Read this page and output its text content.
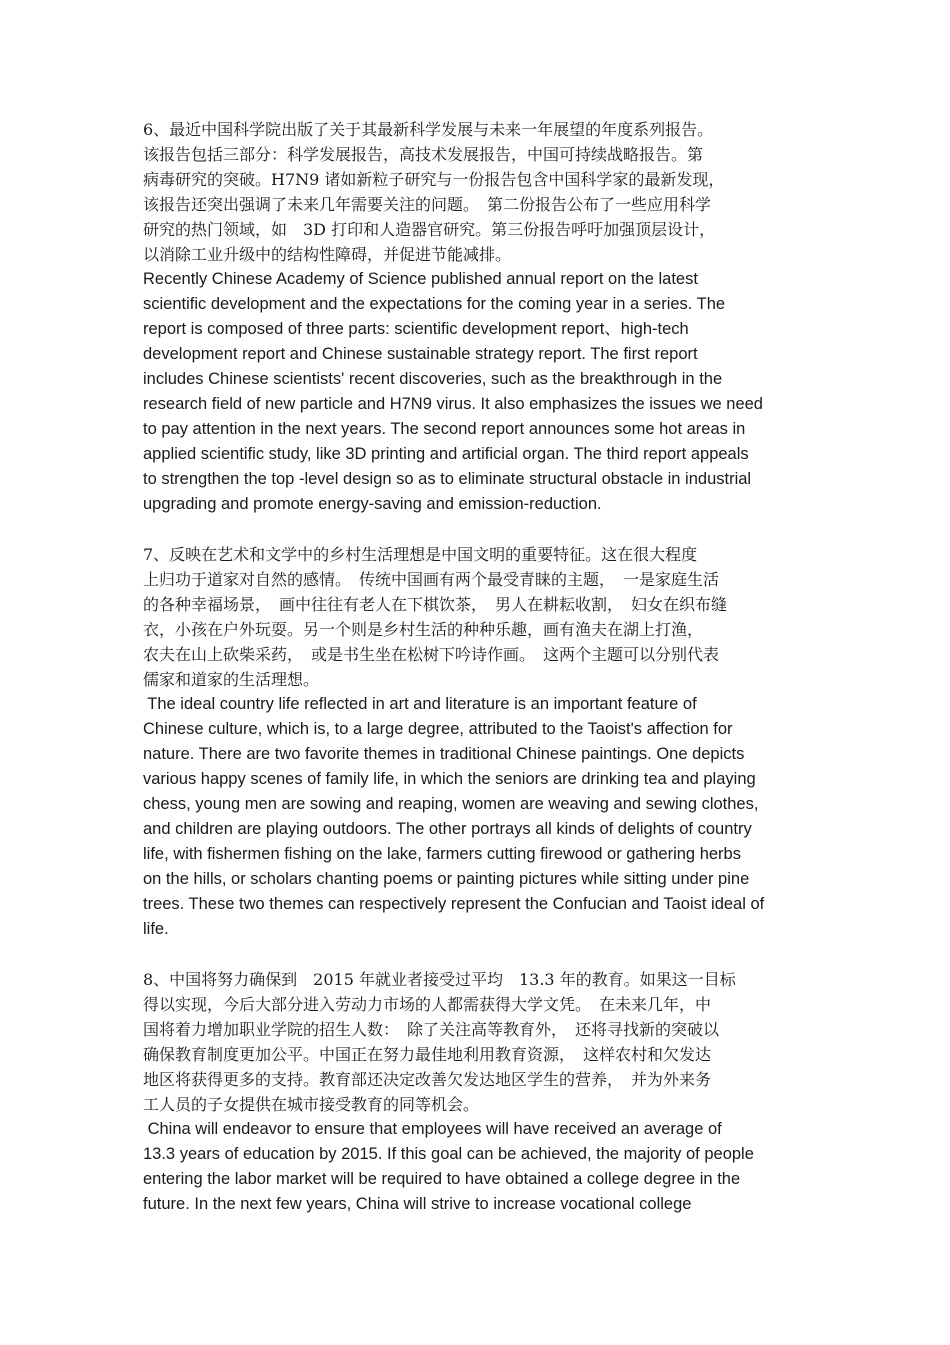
6、最近中国科学院出版了关于其最新科学发展与未来一年展望的年度系列报告。

该报告包括三部分：科学发展报告，高技术发展报告，中国可持续战略报告。第

病毒研究的突破。H7N9 诸如新粒子研究与一份报告包含中国科学家的最新发现，

该报告还突出强调了未来几年需要关注的问题。　第二份报告公布了一些应用科学

研究的热门领域，如　3D 打印和人造器官研究。第三份报告呼吁加强顶层设计，

以消除工业升级中的结构性障碍，并促进节能减排。

Recently Chinese Academy of Science published annual report on the latest

scientific development and the expectations for the coming year in a series. The

report is composed of three parts: scientific development report、high-tech

development report and Chinese sustainable strategy report. The first report

includes Chinese scientists' recent discoveries, such as the breakthrough in the

research field of new particle and H7N9 virus. It also emphasizes the issues we need

to pay attention in the next years. The second report announces some hot areas in

applied scientific study, like 3D printing and artificial organ. The third report appeals

to strengthen the top -level design so as to eliminate structural obstacle in industrial

upgrading and promote energy-saving and emission-reduction.

7、反映在艺术和文学中的乡村生活理想是中国文明的重要特征。这在很大程度

上归功于道家对自然的感情。　传统中国画有两个最受青睐的主题，　一是家庭生活

的各种幸福场景，　画中往往有老人在下棋饮茶，　男人在耕耘收割，　妇女在织布缝

衣，小孩在户外玩耍。另一个则是乡村生活的种种乐趣，画有渔夫在湖上打渔，

农夫在山上砍柴采药，　或是书生坐在松树下吟诗作画。　这两个主题可以分别代表

儒家和道家的生活理想。

The ideal country life reflected in art and literature is an important feature of

Chinese culture, which is, to a large degree, attributed to the Taoist's affection for

nature. There are two favorite themes in traditional Chinese paintings. One depicts

various happy scenes of family life, in which the seniors are drinking tea and playing

chess, young men are sowing and reaping, women are weaving and sewing clothes,

and children are playing outdoors. The other portrays all kinds of delights of country

life, with fishermen fishing on the lake, farmers cutting firewood or gathering herbs

on the hills, or scholars chanting poems or painting pictures while sitting under pine

trees. These two themes can respectively represent the Confucian and Taoist ideal of

life.

8、中国将努力确保到　2015 年就业者接受过平均　13.3 年的教育。如果这一目标

得以实现，今后大部分进入劳动力市场的人都需获得大学文凭。　在未来几年，中

国将着力增加职业学院的招生人数：　除了关注高等教育外，　还将寻找新的突破以

确保教育制度更加公平。中国正在努力最佳地利用教育资源，　这样农村和欠发达

地区将获得更多的支持。教育部还决定改善欠发达地区学生的营养，　并为外来务

工人员的子女提供在城市接受教育的同等机会。

China will endeavor to ensure that employees will have received an average of

13.3 years of education by 2015. If this goal can be achieved, the majority of people

entering the labor market will be required to have obtained a college degree in the

future. In the next few years, China will strive to increase vocational college
